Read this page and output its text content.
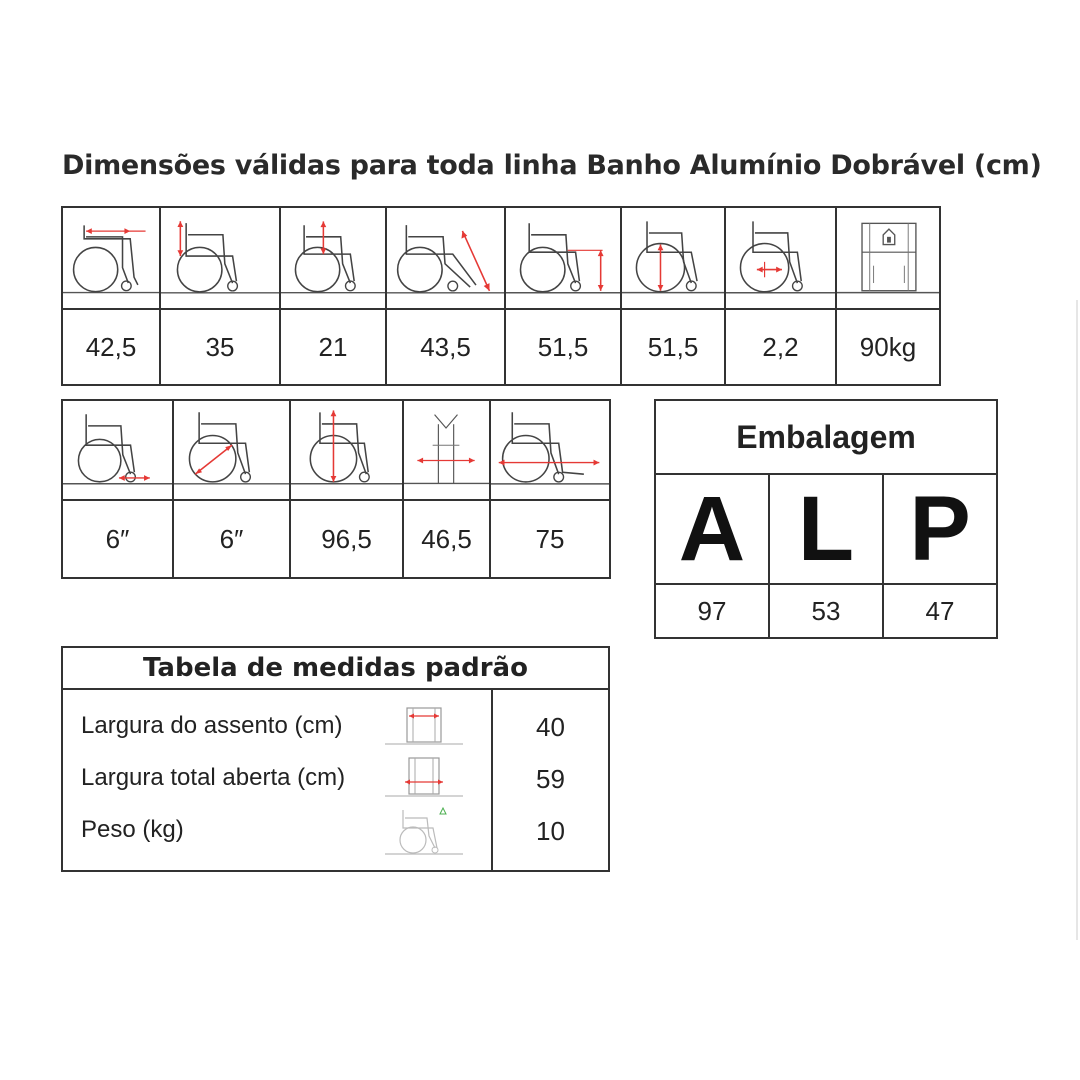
Dimensões válidas para toda linha Banho Alumínio Dobrável (cm)
42,5	35	21	43,5	51,5	51,5	2,2	90kg
6″	6″	96,5	46,5	75
Embalagem
A L P
97	53	47
Tabela de medidas padrão
Largura do assento (cm)	40
Largura total aberta (cm)	59
Peso (kg)	10
